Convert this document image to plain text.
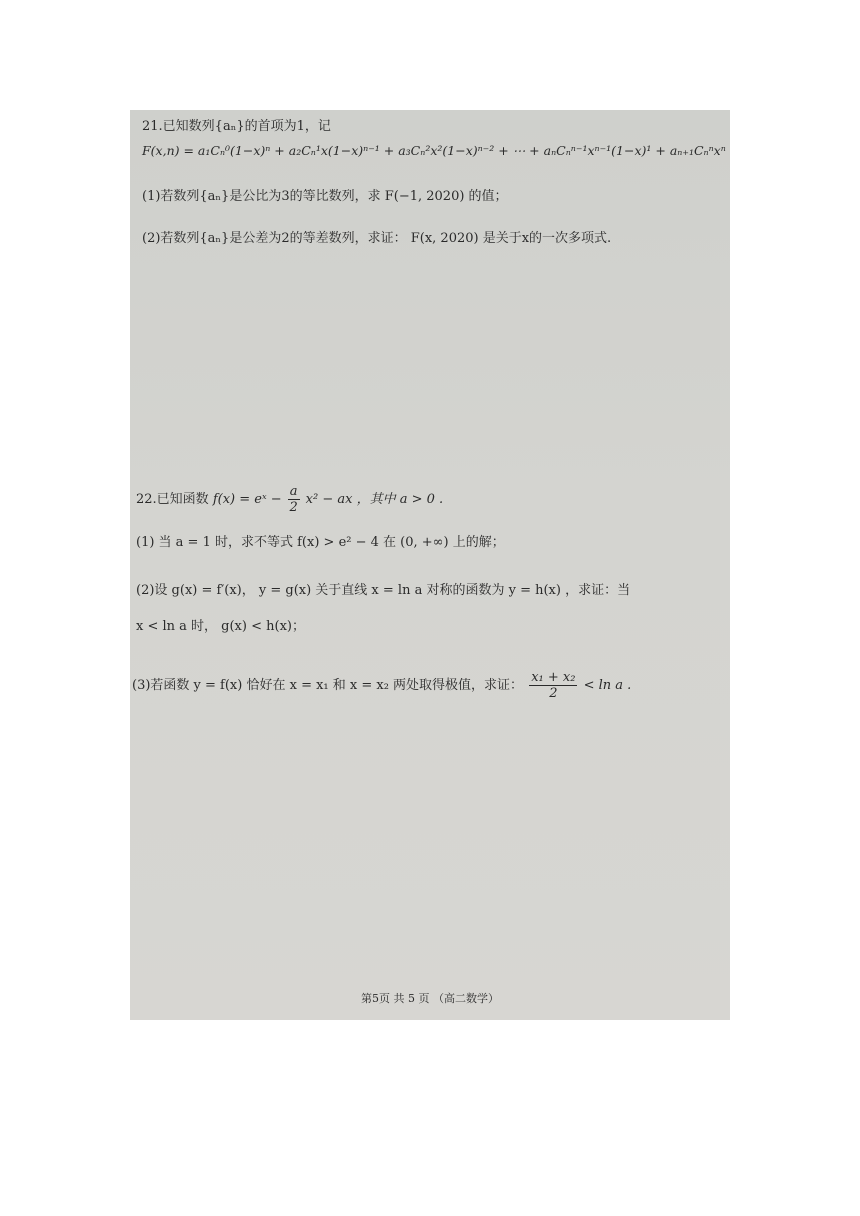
21.已知数列{aₙ}的首项为1，记
F(x,n) = a₁Cₙ⁰(1−x)ⁿ + a₂Cₙ¹x(1−x)ⁿ⁻¹ + a₃Cₙ²x²(1−x)ⁿ⁻² + ⋯ + aₙCₙⁿ⁻¹xⁿ⁻¹(1−x)¹ + aₙ₊₁Cₙⁿxⁿ
(1)若数列{aₙ}是公比为3的等比数列，求 F(−1, 2020) 的值；
(2)若数列{aₙ}是公差为2的等差数列，求证： F(x, 2020) 是关于x的一次多项式.
22.已知函数 f(x) = eˣ − $\frac{a}{2} x^2$ − ax ，其中 a > 0 .
(1) 当 a = 1 时，求不等式 f(x) > e² − 4 在 (0, +∞) 上的解；
(2)设 g(x) = f′(x)， y = g(x) 关于直线 x = ln a 对称的函数为 y = h(x) ，求证：当
x < ln a 时， g(x) < h(x)；
(3)若函数 y = f(x) 恰好在 x = x₁ 和 x = x₂ 两处取得极值，求证： $\frac{\text{x₁ + x₂}}{2} < \ln a$ .
第5页 共 5 页 （高二数学）
